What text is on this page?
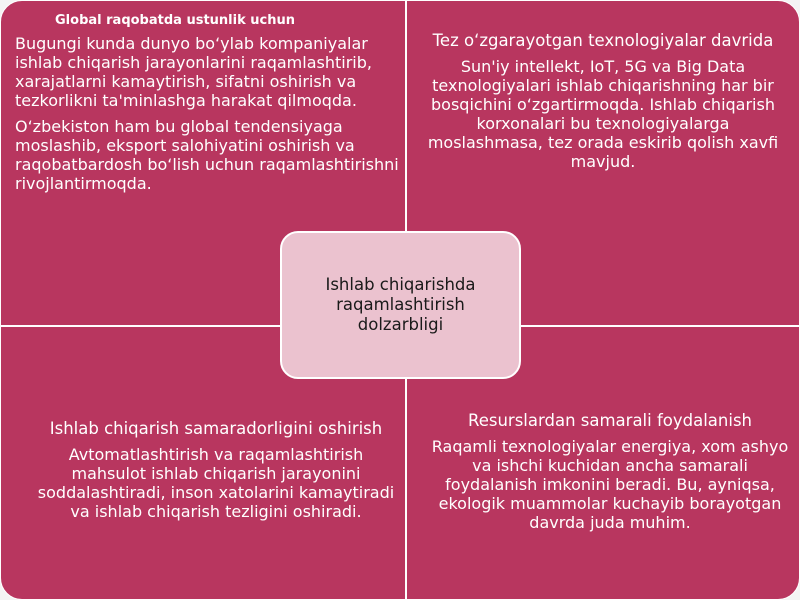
Global raqobatda ustunlik uchun

Bugungi kunda dunyo bo‘ylab kompaniyalar ishlab chiqarish jarayonlarini raqamlashtirib, xarajatlarni kamaytirish, sifatni oshirish va tezkorlikni ta'minlashga harakat qilmoqda.

O‘zbekiston ham bu global tendensiyaga moslashib, eksport salohiyatini oshirish va raqobatbardosh bo‘lish uchun raqamlashtirishni rivojlantirmoqda.

Tez o‘zgarayotgan texnologiyalar davrida

Sun'iy intellekt, IoT, 5G va Big Data texnologiyalari ishlab chiqarishning har bir bosqichini o‘zgartirmoqda. Ishlab chiqarish korxonalari bu texnologiyalarga moslashmasa, tez orada eskirib qolish xavfi mavjud.

Ishlab chiqarish samaradorligini oshirish

Avtomatlashtirish va raqamlashtirish mahsulot ishlab chiqarish jarayonini soddalashtiradi, inson xatolarini kamaytiradi va ishlab chiqarish tezligini oshiradi.

Resurslardan samarali foydalanish

Raqamli texnologiyalar energiya, xom ashyo va ishchi kuchidan ancha samarali foydalanish imkonini beradi. Bu, ayniqsa, ekologik muammolar kuchayib borayotgan davrda juda muhim.

Ishlab chiqarishda raqamlashtirish dolzarbligi
